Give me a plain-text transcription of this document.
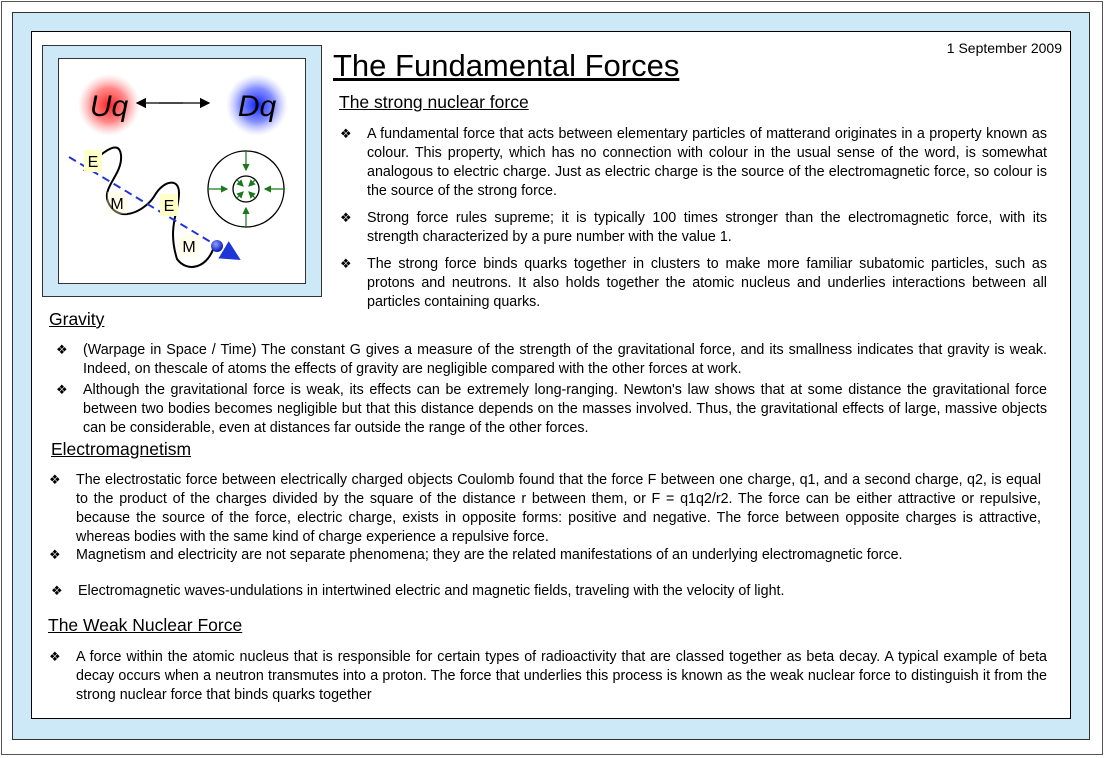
Uq	Dq
E
M	E
M
The Fundamental Forces	1 September 2009
The strong nuclear force
❖ A fundamental force that acts between elementary particles of matterand originates in a property known as colour. This property, which has no connection with colour in the usual sense of the word, is somewhat analogous to electric charge. Just as electric charge is the source of the electromagnetic force, so colour is the source of the strong force.
❖ Strong force rules supreme; it is typically 100 times stronger than the electromagnetic force, with its strength characterized by a pure number with the value 1.
❖ The strong force binds quarks together in clusters to make more familiar subatomic particles, such as protons and neutrons. It also holds together the atomic nucleus and underlies interactions between all particles containing quarks.
Gravity
❖ (Warpage in Space / Time) The constant G gives a measure of the strength of the gravitational force, and its smallness indicates that gravity is weak. Indeed, on thescale of atoms the effects of gravity are negligible compared with the other forces at work.
❖ Although the gravitational force is weak, its effects can be extremely long-ranging. Newton's law shows that at some distance the gravitational force between two bodies becomes negligible but that this distance depends on the masses involved. Thus, the gravitational effects of large, massive objects can be considerable, even at distances far outside the range of the other forces.
Electromagnetism
❖ The electrostatic force between electrically charged objects Coulomb found that the force F between one charge, q1, and a second charge, q2, is equal to the product of the charges divided by the square of the distance r between them, or F = q1q2/r2. The force can be either attractive or repulsive, because the source of the force, electric charge, exists in opposite forms: positive and negative. The force between opposite charges is attractive, whereas bodies with the same kind of charge experience a repulsive force.
❖ Magnetism and electricity are not separate phenomena; they are the related manifestations of an underlying electromagnetic force.
❖ Electromagnetic waves-undulations in intertwined electric and magnetic fields, traveling with the velocity of light.
The Weak Nuclear Force
❖ A force within the atomic nucleus that is responsible for certain types of radioactivity that are classed together as beta decay. A typical example of beta decay occurs when a neutron transmutes into a proton. The force that underlies this process is known as the weak nuclear force to distinguish it from the strong nuclear force that binds quarks together
